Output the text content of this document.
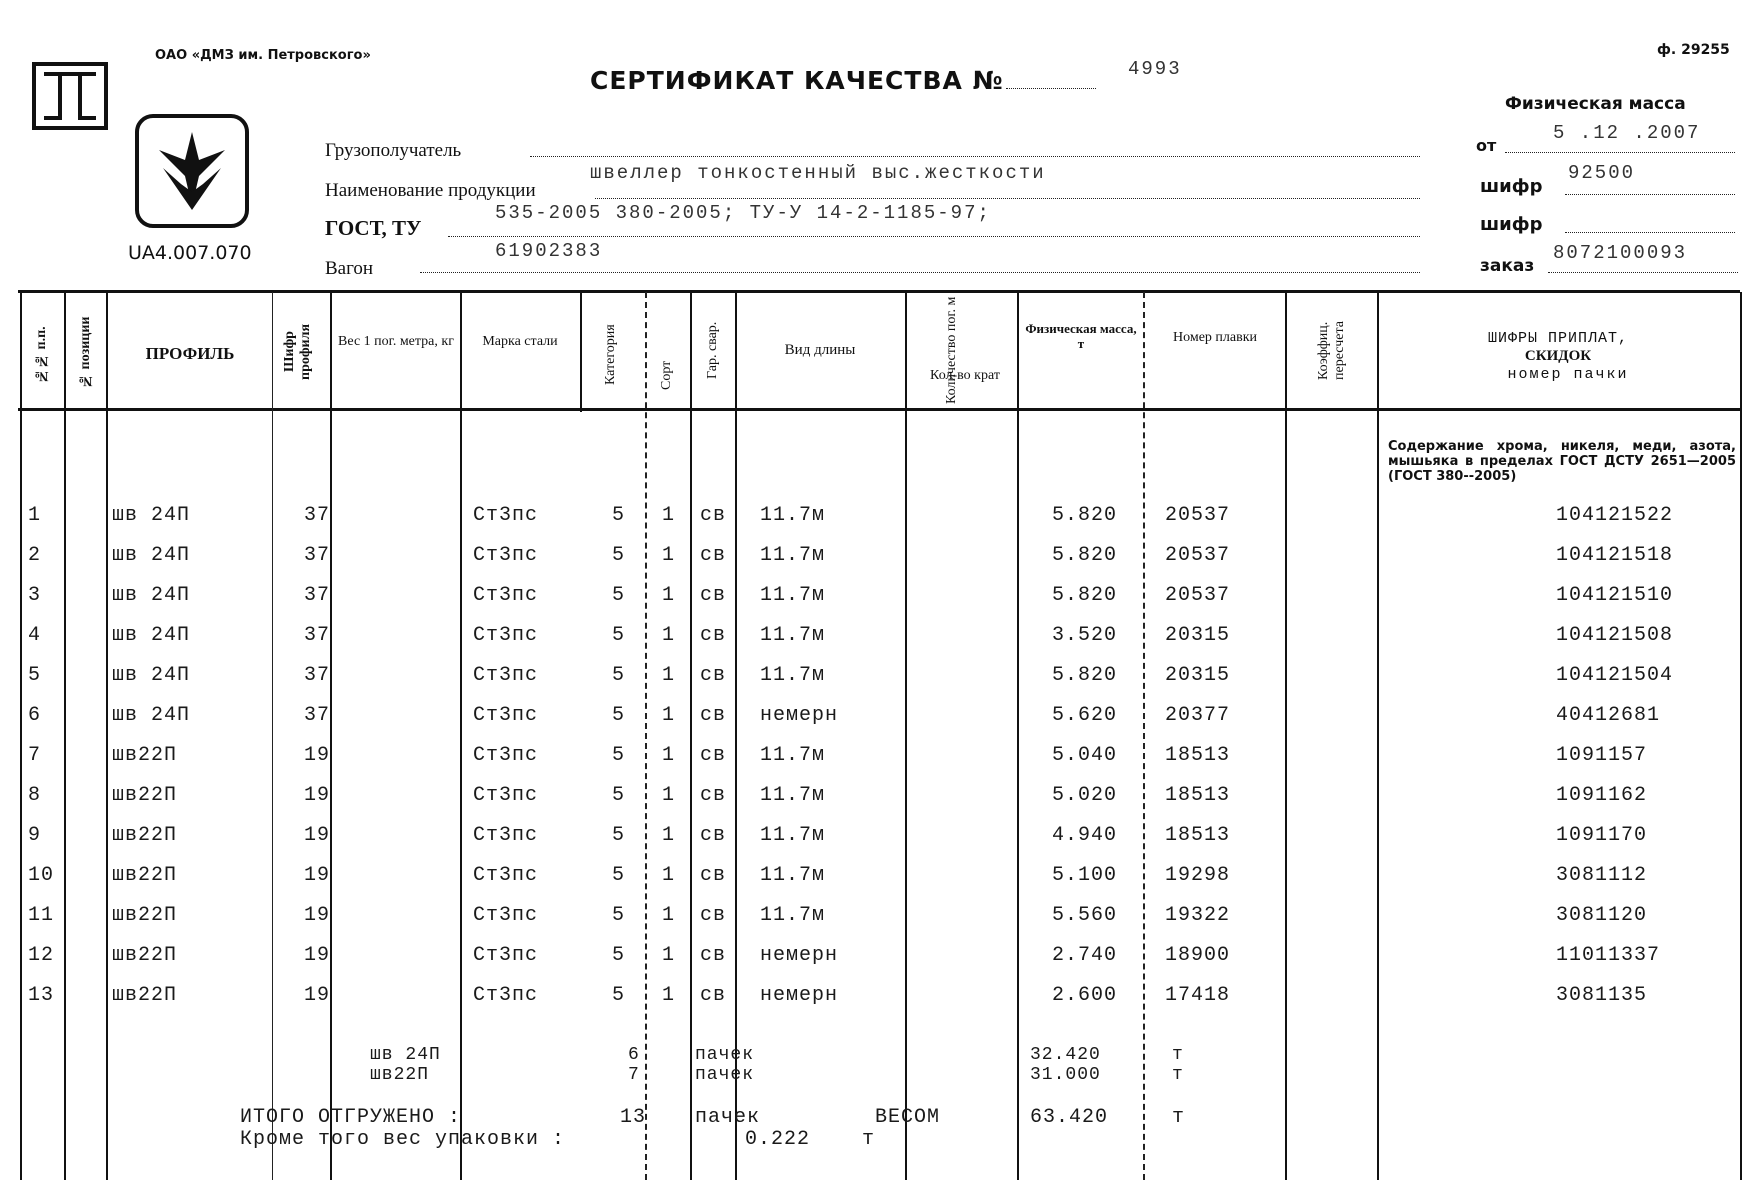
ОАО «ДМЗ им. Петровского»	ф. 29255
СЕРТИФИКАТ КАЧЕСТВА №	4993
UA4.007.070
Грузополучатель
Наименование продукции
швеллер тонкостенный выс.жесткости
ГОСТ, ТУ
535-2005 380-2005; ТУ-У 14-2-1185-97;
Вагон
61902383
Физическая масса
от
5 .12 .2007
шифр
92500
шифр
заказ
8072100093
№№ п.п. № позиции	ПРОФИЛЬ	Шифр профиля	Вес 1 пог. метра, кг	Марка стали	Категория	Сорт Гар. свар.	Вид длины	Количество пог. м
Кол-во крат
Физическая масса, т	Номер плавки	Коэффиц. пересчета	ШИФРЫ ПРИПЛАТ,
СКИДОК
номер пачки
Содержание хрома, никеля, меди, азота, мышьяка в пределах ГОСТ ДСТУ 2651—2005 (ГОСТ 380--2005)
1	шв 24П	37	Ст3пс	5 1 св 11.7м	5.820 20537	104121522
2	шв 24П	37	Ст3пс	5 1 св 11.7м	5.820 20537	104121518
3	шв 24П	37	Ст3пс	5 1 св 11.7м	5.820 20537	104121510
4	шв 24П	37	Ст3пс	5 1 св 11.7м	3.520 20315	104121508
5	шв 24П	37	Ст3пс	5 1 св 11.7м	5.820 20315	104121504
6	шв 24П	37	Ст3пс	5 1 св немерн	5.620 20377	40412681
7	шв22П	19	Ст3пс	5 1 св 11.7м	5.040 18513	1091157
8	шв22П	19	Ст3пс	5 1 св 11.7м	5.020 18513	1091162
9	шв22П	19	Ст3пс	5 1 св 11.7м	4.940 18513	1091170
10	шв22П	19	Ст3пс	5 1 св 11.7м	5.100 19298	3081112
11	шв22П	19	Ст3пс	5 1 св 11.7м	5.560 19322	3081120
12	шв22П	19	Ст3пс	5 1 св немерн	2.740 18900	11011337
13	шв22П	19	Ст3пс	5 1 св немерн	2.600 17418	3081135
шв 24П	6	пачек	32.420	т
шв22П	7	пачек	31.000	т
ИТОГО ОТГРУЖЕНО :	13 пачек	ВЕСОМ	63.420	т
Кроме того вес упаковки :	0.222	т
